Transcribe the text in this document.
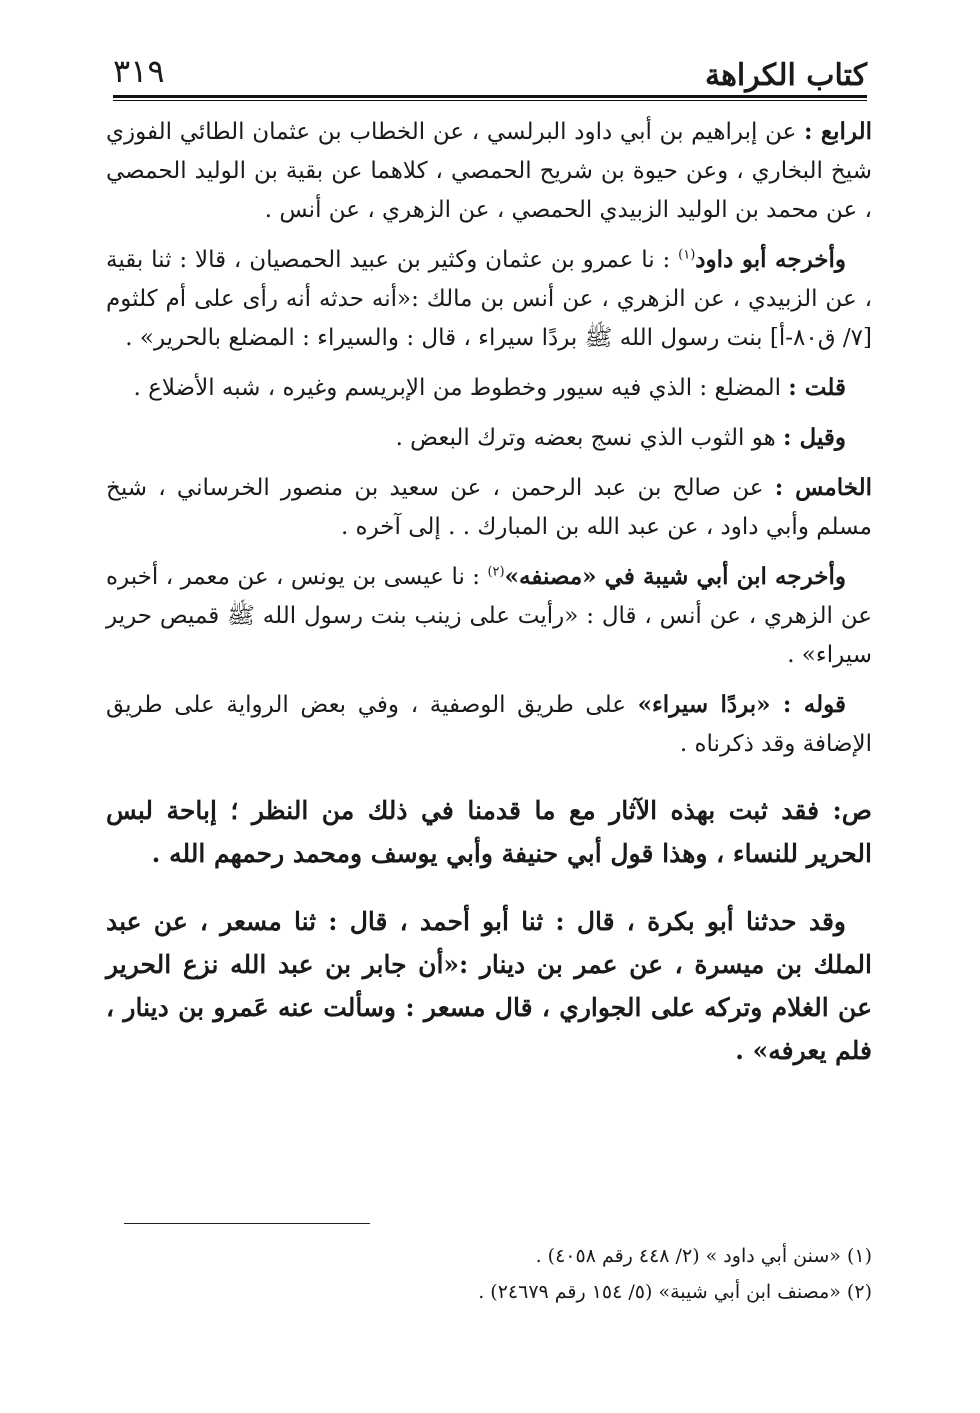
كتاب الكراهة
٣١٩

الرابع : عن إبراهيم بن أبي داود البرلسي ، عن الخطاب بن عثمان الطائي الفوزي شيخ البخاري ، وعن حيوة بن شريح الحمصي ، كلاهما عن بقية بن الوليد الحمصي ، عن محمد بن الوليد الزبيدي الحمصي ، عن الزهري ، عن أنس .

وأخرجه أبو داود$^{(١)}$ : نا عمرو بن عثمان وكثير بن عبيد الحمصيان ، قالا : ثنا بقية ، عن الزبيدي ، عن الزهري ، عن أنس بن مالك :«أنه حدثه أنه رأى على أم كلثوم [٧/ ق٨٠-أ] بنت رسول الله ﷺ بردًا سيراء ، قال : والسيراء : المضلع بالحرير» .

قلت : المضلع : الذي فيه سيور وخطوط من الإبريسم وغيره ، شبه الأضلاع .

وقيل : هو الثوب الذي نسج بعضه وترك البعض .

الخامس : عن صالح بن عبد الرحمن ، عن سعيد بن منصور الخرساني ، شيخ مسلم وأبي داود ، عن عبد الله بن المبارك . . إلى آخره .

وأخرجه ابن أبي شيبة في «مصنفه»$^{(٢)}$ : نا عيسى بن يونس ، عن معمر ، أخبره عن الزهري ، عن أنس ، قال : «رأيت على زينب بنت رسول الله ﷺ قميص حرير سيراء» .

قوله : «بردًا سيراء» على طريق الوصفية ، وفي بعض الرواية على طريق الإضافة وقد ذكرناه .

ص: فقد ثبت بهذه الآثار مع ما قدمنا في ذلك من النظر ؛ إباحة لبس الحرير للنساء ، وهذا قول أبي حنيفة وأبي يوسف ومحمد رحمهم الله .

وقد حدثنا أبو بكرة ، قال : ثنا أبو أحمد ، قال : ثنا مسعر ، عن عبد الملك بن ميسرة ، عن عمر بن دينار :«أن جابر بن عبد الله نزع الحرير عن الغلام وتركه على الجواري ، قال مسعر : وسألت عنه عَمرو بن دينار ، فلم يعرفه» .

(١) «سنن أبي داود » (٢/ ٤٤٨ رقم ٤٠٥٨) .

(٢) «مصنف ابن أبي شيبة» (٥/ ١٥٤ رقم ٢٤٦٧٩) .
